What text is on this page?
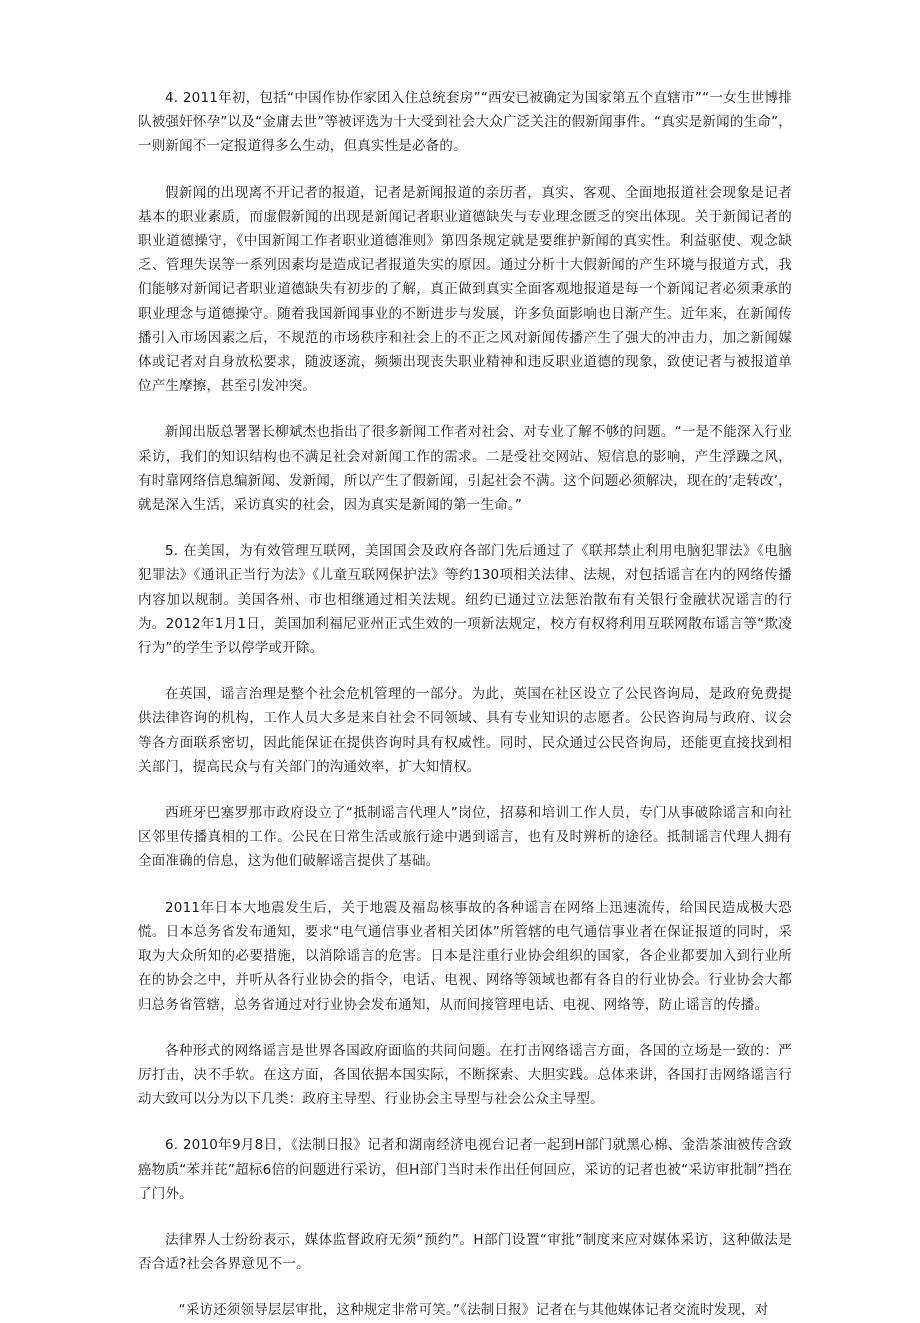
4. 2011年初，包括“中国作协作家团入住总统套房”“西安已被确定为国家第五个直辖市”“一女生世博排队被强奸怀孕”以及“金庸去世”等被评选为十大受到社会大众广泛关注的假新闻事件。“真实是新闻的生命”，一则新闻不一定报道得多么生动，但真实性是必备的。

假新闻的出现离不开记者的报道，记者是新闻报道的亲历者，真实、客观、全面地报道社会现象是记者基本的职业素质，而虚假新闻的出现是新闻记者职业道德缺失与专业理念匮乏的突出体现。关于新闻记者的职业道德操守，《中国新闻工作者职业道德准则》第四条规定就是要维护新闻的真实性。利益驱使、观念缺乏、管理失误等一系列因素均是造成记者报道失实的原因。通过分析十大假新闻的产生环境与报道方式，我们能够对新闻记者职业道德缺失有初步的了解，真正做到真实全面客观地报道是每一个新闻记者必须秉承的职业理念与道德操守。随着我国新闻事业的不断进步与发展，许多负面影响也日渐产生。近年来，在新闻传播引入市场因素之后，不规范的市场秩序和社会上的不正之风对新闻传播产生了强大的冲击力，加之新闻媒体或记者对自身放松要求，随波逐流，频频出现丧失职业精神和违反职业道德的现象，致使记者与被报道单位产生摩擦，甚至引发冲突。

新闻出版总署署长柳斌杰也指出了很多新闻工作者对社会、对专业了解不够的问题。“一是不能深入行业采访，我们的知识结构也不满足社会对新闻工作的需求。二是受社交网站、短信息的影响，产生浮躁之风，有时靠网络信息编新闻、发新闻，所以产生了假新闻，引起社会不满。这个问题必须解决，现在的‘走转改’，就是深入生活，采访真实的社会，因为真实是新闻的第一生命。”

5. 在美国，为有效管理互联网，美国国会及政府各部门先后通过了《联邦禁止利用电脑犯罪法》《电脑犯罪法》《通讯正当行为法》《儿童互联网保护法》等约130项相关法律、法规，对包括谣言在内的网络传播内容加以规制。美国各州、市也相继通过相关法规。纽约已通过立法惩治散布有关银行金融状况谣言的行为。2012年1月1日，美国加利福尼亚州正式生效的一项新法规定，校方有权将利用互联网散布谣言等“欺凌行为”的学生予以停学或开除。

在英国，谣言治理是整个社会危机管理的一部分。为此，英国在社区设立了公民咨询局，是政府免费提供法律咨询的机构，工作人员大多是来自社会不同领域、具有专业知识的志愿者。公民咨询局与政府、议会等各方面联系密切，因此能保证在提供咨询时具有权威性。同时，民众通过公民咨询局，还能更直接找到相关部门，提高民众与有关部门的沟通效率，扩大知情权。

西班牙巴塞罗那市政府设立了“抵制谣言代理人”岗位，招募和培训工作人员，专门从事破除谣言和向社区邻里传播真相的工作。公民在日常生活或旅行途中遇到谣言，也有及时辨析的途径。抵制谣言代理人拥有全面准确的信息，这为他们破解谣言提供了基础。

2011年日本大地震发生后，关于地震及福岛核事故的各种谣言在网络上迅速流传，给国民造成极大恐慌。日本总务省发布通知，要求“电气通信事业者相关团体”所管辖的电气通信事业者在保证报道的同时，采取为大众所知的必要措施，以消除谣言的危害。日本是注重行业协会组织的国家，各企业都要加入到行业所在的协会之中，并听从各行业协会的指令，电话、电视、网络等领域也都有各自的行业协会。行业协会大都归总务省管辖，总务省通过对行业协会发布通知，从而间接管理电话、电视、网络等，防止谣言的传播。

各种形式的网络谣言是世界各国政府面临的共同问题。在打击网络谣言方面，各国的立场是一致的：严厉打击，决不手软。在这方面，各国依据本国实际，不断探索、大胆实践。总体来讲，各国打击网络谣言行动大致可以分为以下几类：政府主导型、行业协会主导型与社会公众主导型。

6. 2010年9月8日，《法制日报》记者和湖南经济电视台记者一起到H部门就黑心棉、金浩茶油被传含致癌物质“苯并芘”超标6倍的问题进行采访，但H部门当时未作出任何回应，采访的记者也被“采访审批制”挡在了门外。

法律界人士纷纷表示，媒体监督政府无须“预约”。H部门设置“审批”制度来应对媒体采访，这种做法是否合适?社会各界意见不一。

“采访还须领导层层审批，这种规定非常可笑。”《法制日报》记者在与其他媒体记者交流时发现，对
